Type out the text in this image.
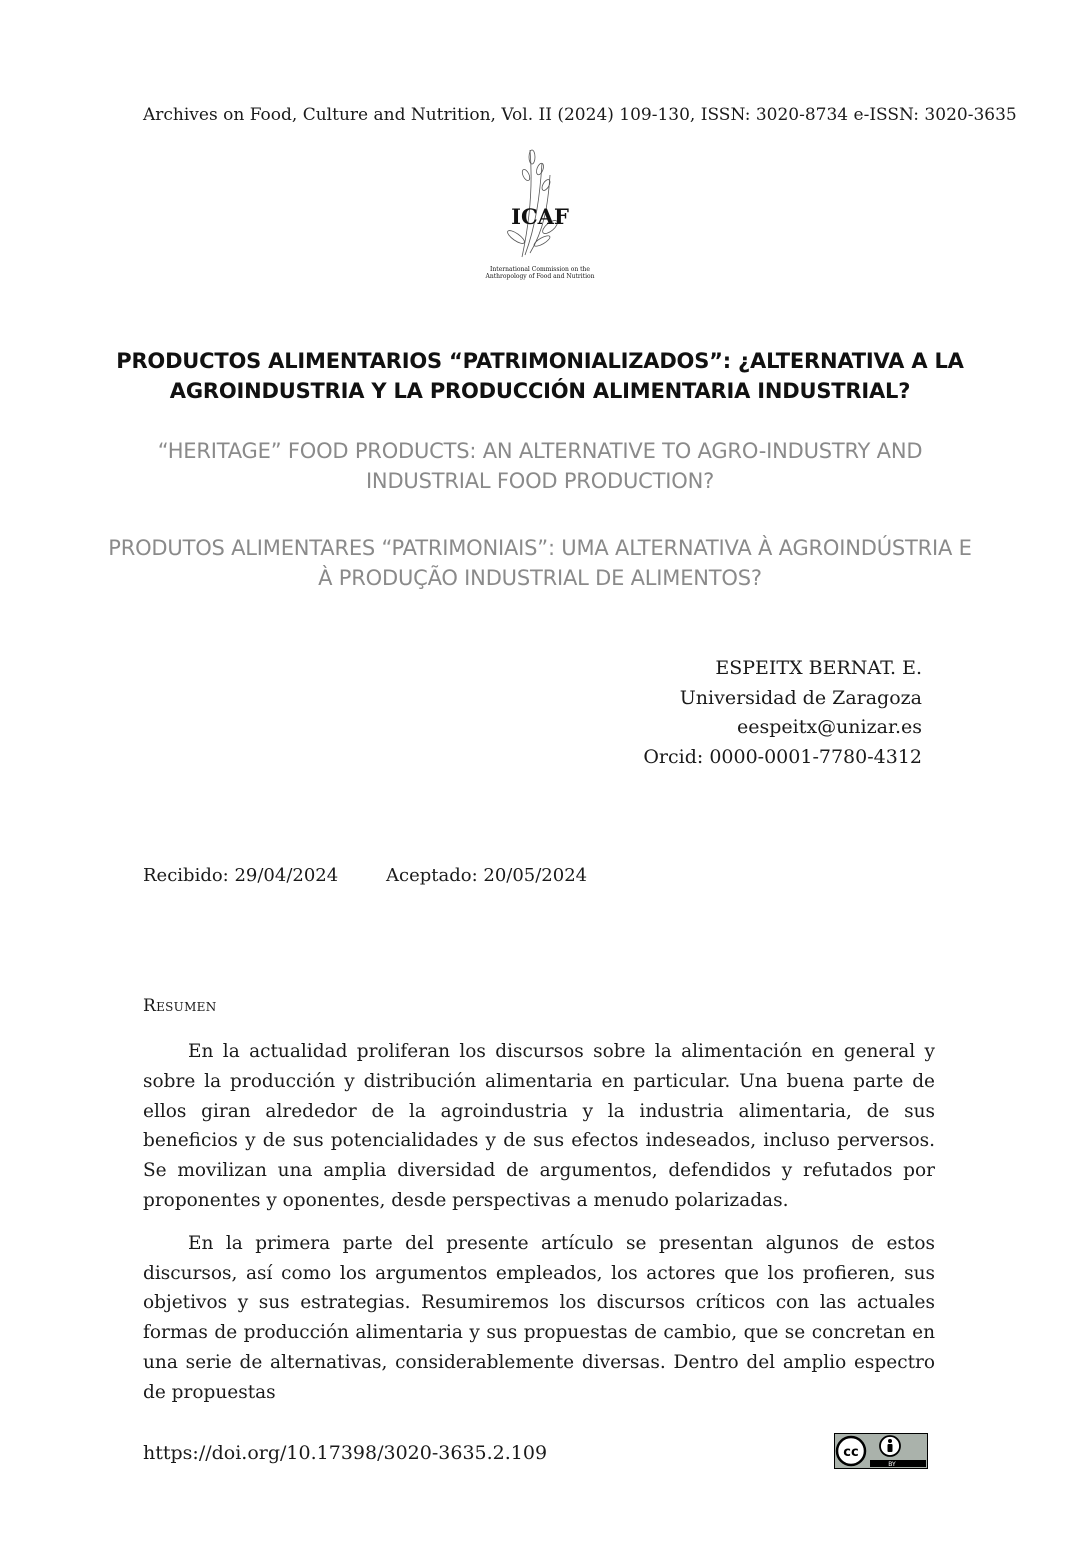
Archives on Food, Culture and Nutrition, Vol. II (2024) 109-130, ISSN: 3020-8734 e-ISSN: 3020-3635
ICAF
International Commission on the
Anthropology of Food and Nutrition
PRODUCTOS ALIMENTARIOS “PATRIMONIALIZADOS”: ¿ALTERNATIVA A LA AGROINDUSTRIA Y LA PRODUCCIÓN ALIMENTARIA INDUSTRIAL?
“HERITAGE” FOOD PRODUCTS: AN ALTERNATIVE TO AGRO-INDUSTRY AND INDUSTRIAL FOOD PRODUCTION?
PRODUTOS ALIMENTARES “PATRIMONIAIS”: UMA ALTERNATIVA À AGROINDÚSTRIA E À PRODUÇÃO INDUSTRIAL DE ALIMENTOS?
ESPEITX BERNAT. E.
Universidad de Zaragoza
eespeitx@unizar.es
Orcid: 0000-0001-7780-4312
Recibido: 29/04/2024	Aceptado: 20/05/2024
Resumen

En la actualidad proliferan los discursos sobre la alimentación en general y sobre la producción y distribución alimentaria en particular. Una buena parte de ellos giran alrededor de la agroindustria y la industria alimentaria, de sus beneficios y de sus potencialidades y de sus efectos indeseados, incluso perversos. Se movilizan una amplia diversidad de argumentos, defendidos y refutados por proponentes y oponentes, desde perspectivas a menudo polarizadas.

En la primera parte del presente artículo se presentan algunos de estos discursos, así como los argumentos empleados, los actores que los profieren, sus objetivos y sus estrategias. Resumiremos los discursos críticos con las actuales formas de producción alimentaria y sus propuestas de cambio, que se concretan en una serie de alternativas, considerablemente diversas. Dentro del amplio espectro de propuestas

https://doi.org/10.17398/3020-3635.2.109	cc
BY
